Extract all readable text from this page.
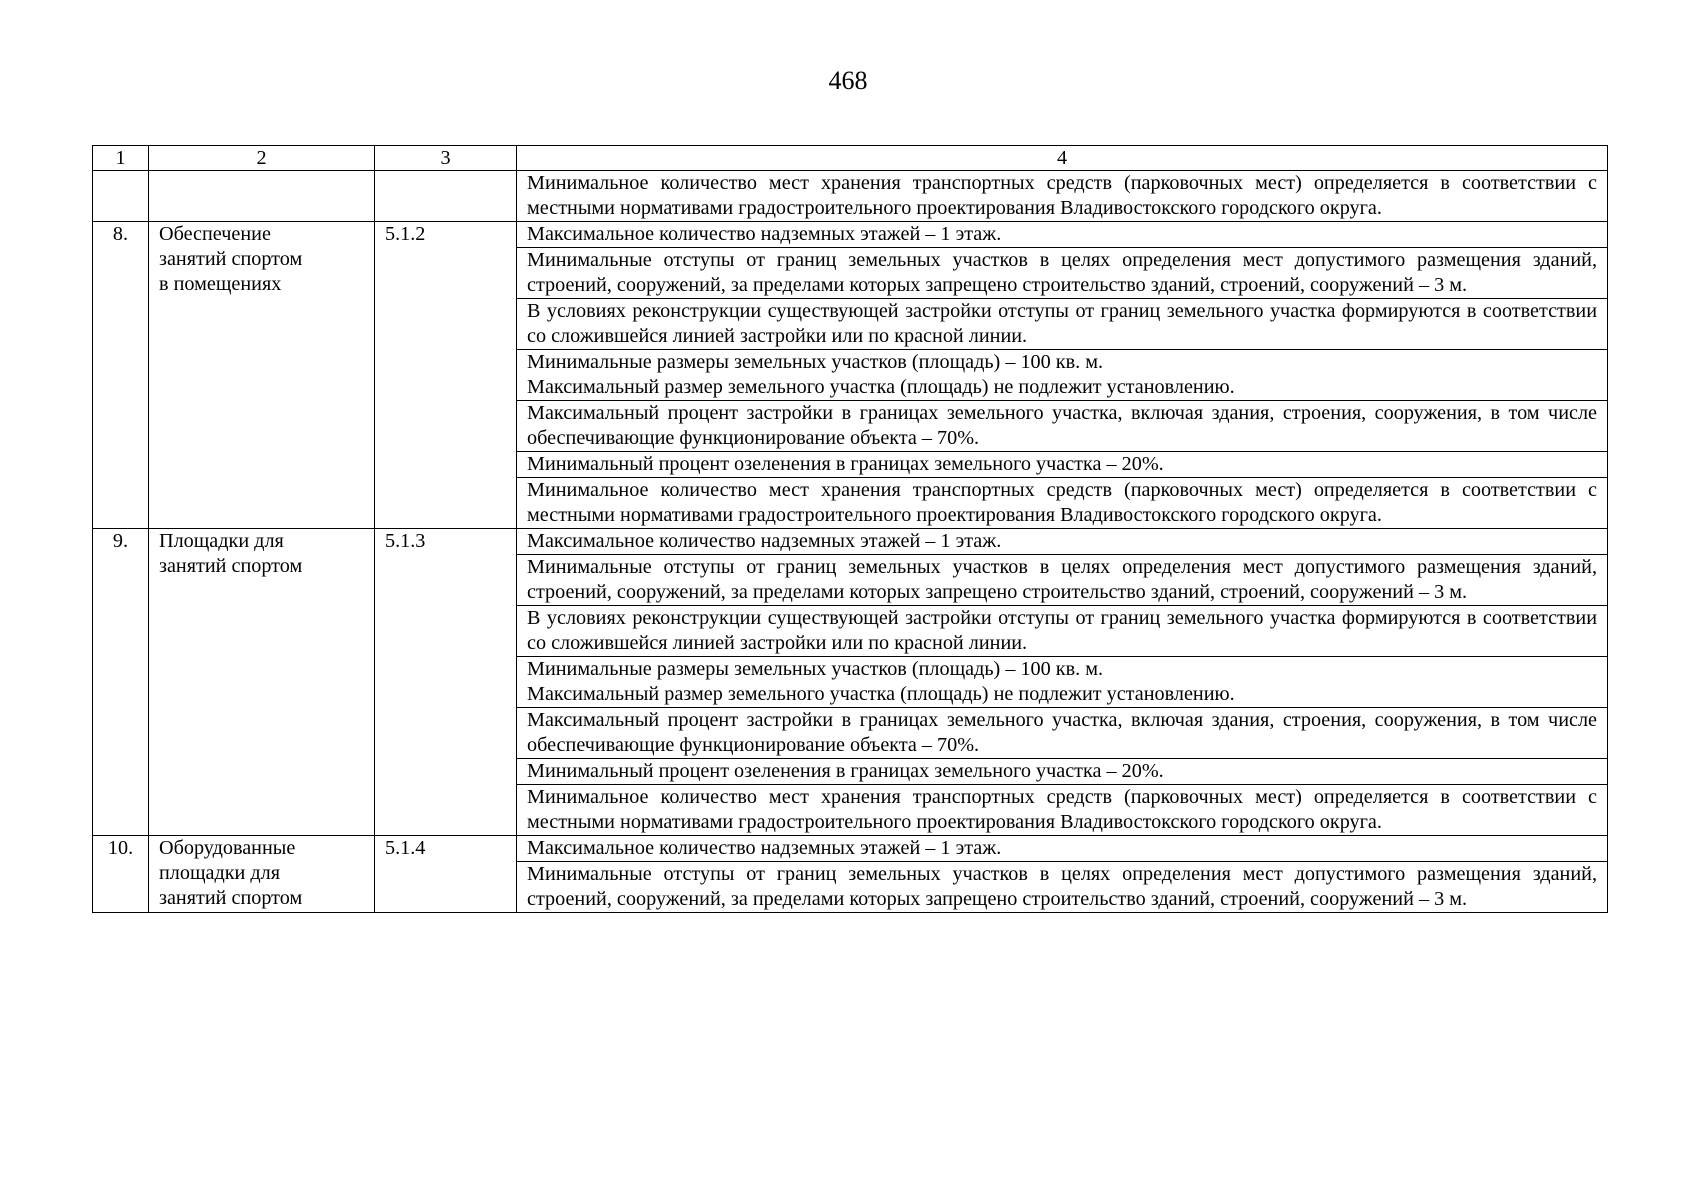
468
1	2	3	4
			Минимальное количество мест хранения транспортных средств (парковочных мест) определяется в соответствии с местными нормативами градостроительного проектирования Владивостокского городского округа.
8.	Обеспечение
занятий спортом
в помещениях	5.1.2	Максимальное количество надземных этажей – 1 этаж.
			Минимальные отступы от границ земельных участков в целях определения мест допустимого размещения зданий, строений, сооружений, за пределами которых запрещено строительство зданий, строений, сооружений – 3 м.
			В условиях реконструкции существующей застройки отступы от границ земельного участка формируются в соответствии со сложившейся линией застройки или по красной линии.

			Минимальные размеры земельных участков (площадь) – 100 кв. м.
Максимальный размер земельного участка (площадь) не подлежит установлению.

			Максимальный процент застройки в границах земельного участка, включая здания, строения, сооружения, в том числе обеспечивающие функционирование объекта – 70%.
			Минимальный процент озеленения в границах земельного участка – 20%.
			Минимальное количество мест хранения транспортных средств (парковочных мест) определяется в соответствии с местными нормативами градостроительного проектирования Владивостокского городского округа.
9.	Площадки для
занятий спортом	5.1.3	Максимальное количество надземных этажей – 1 этаж.
			Минимальные отступы от границ земельных участков в целях определения мест допустимого размещения зданий, строений, сооружений, за пределами которых запрещено строительство зданий, строений, сооружений – 3 м.
			В условиях реконструкции существующей застройки отступы от границ земельного участка формируются в соответствии со сложившейся линией застройки или по красной линии.

			Минимальные размеры земельных участков (площадь) – 100 кв. м.
Максимальный размер земельного участка (площадь) не подлежит установлению.

			Максимальный процент застройки в границах земельного участка, включая здания, строения, сооружения, в том числе обеспечивающие функционирование объекта – 70%.
			Минимальный процент озеленения в границах земельного участка – 20%.
			Минимальное количество мест хранения транспортных средств (парковочных мест) определяется в соответствии с местными нормативами градостроительного проектирования Владивостокского городского округа.
10.	Оборудованные
площадки для
занятий спортом	5.1.4	Максимальное количество надземных этажей – 1 этаж.
			Минимальные отступы от границ земельных участков в целях определения мест допустимого размещения зданий, строений, сооружений, за пределами которых запрещено строительство зданий, строений, сооружений – 3 м.
